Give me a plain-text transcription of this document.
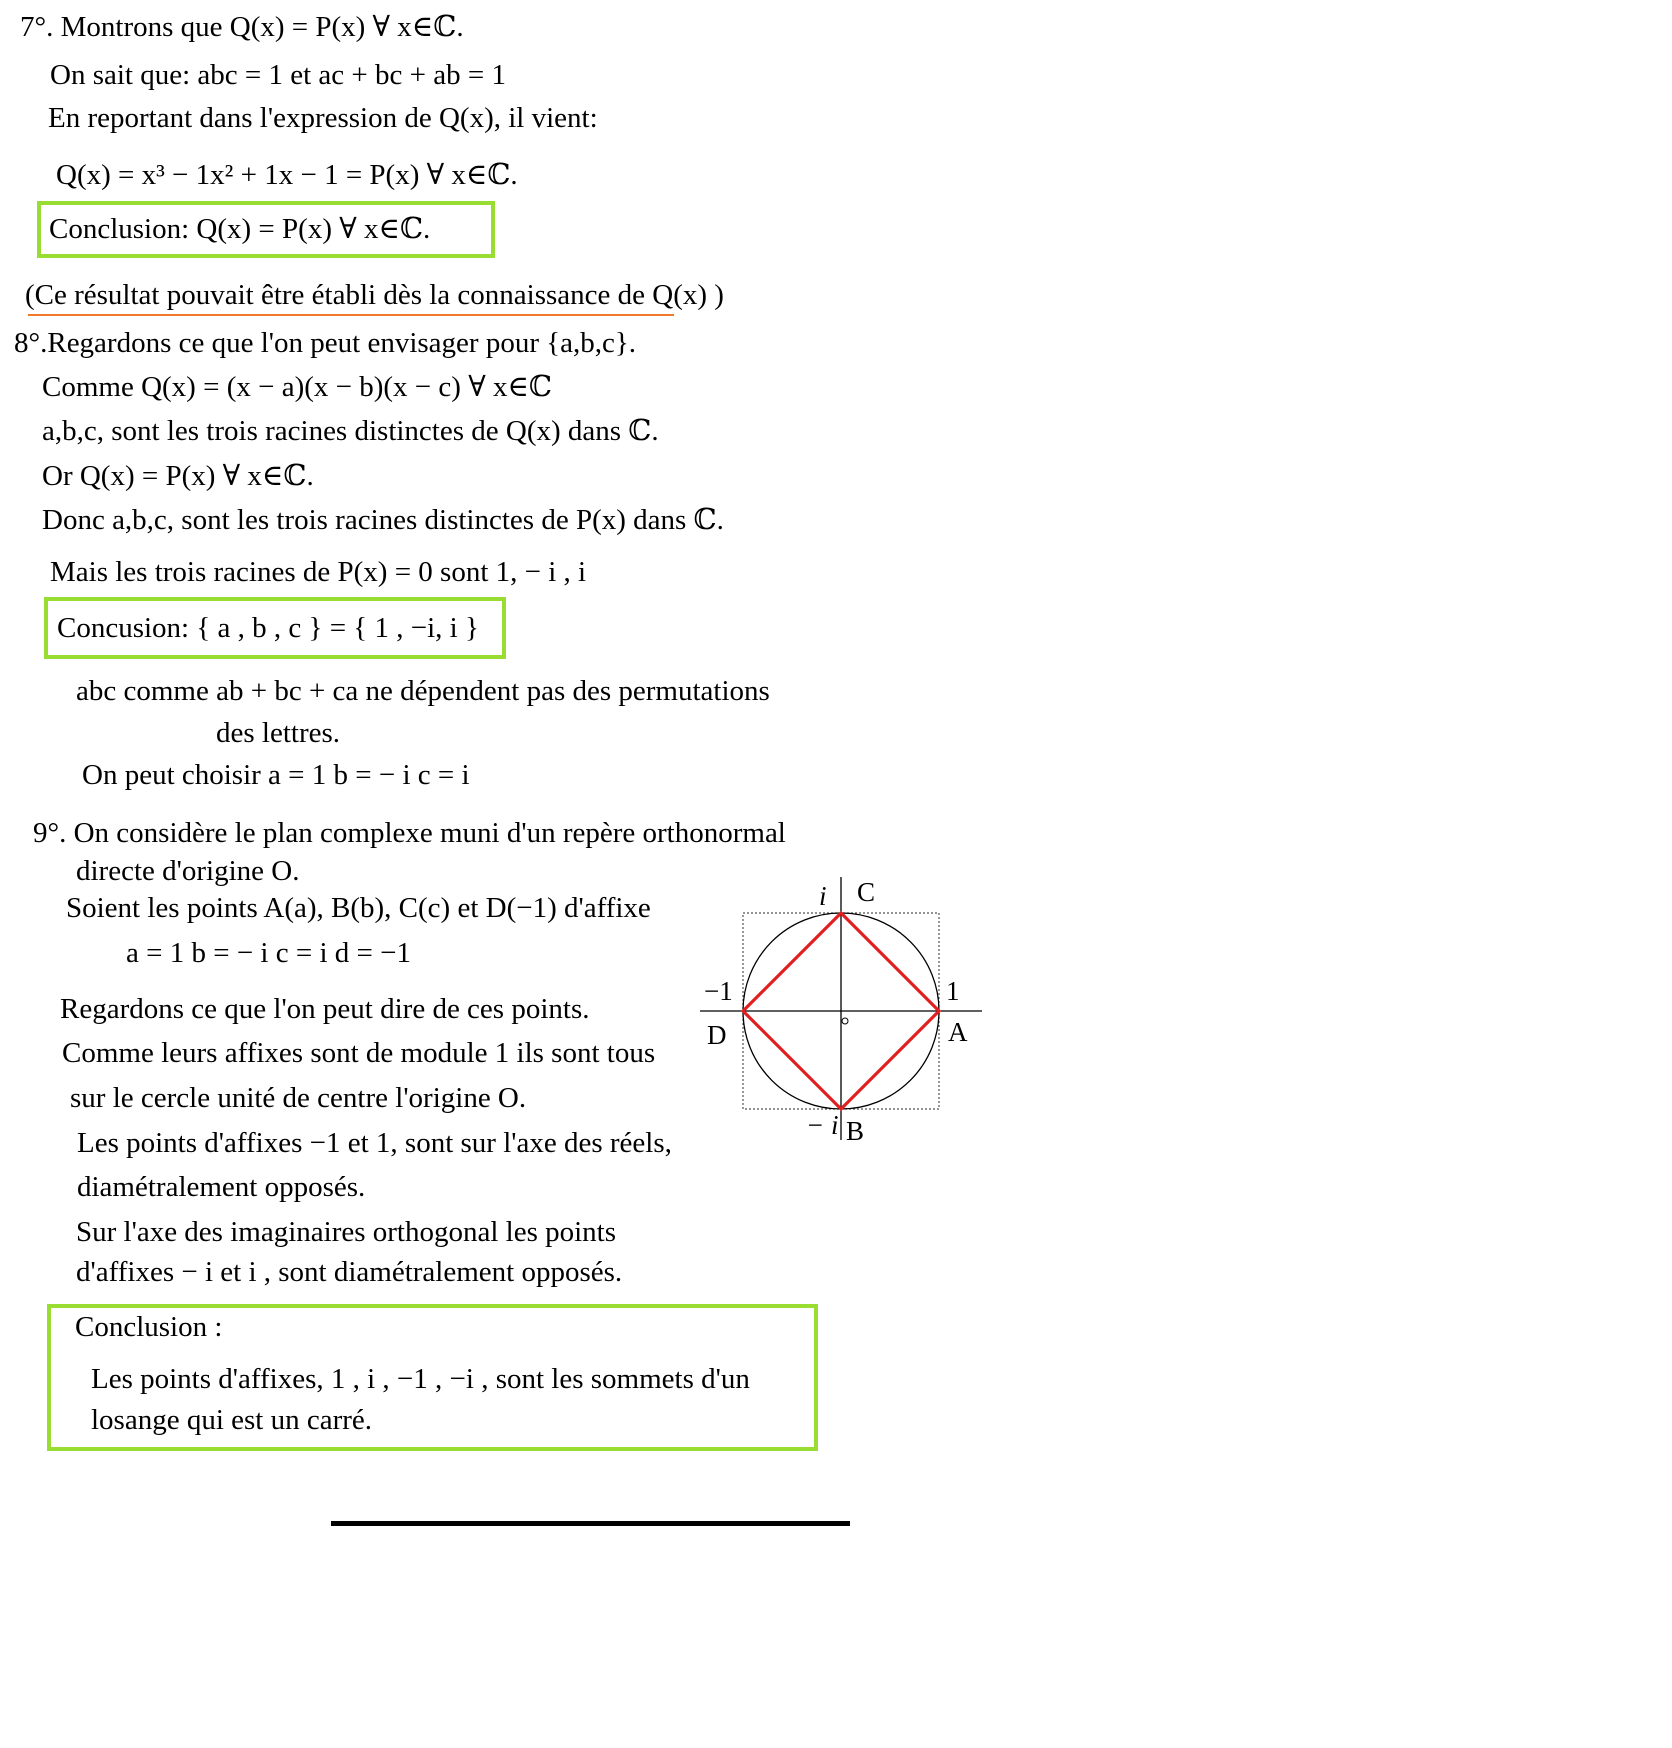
7°. Montrons que Q(x) = P(x) ∀ x∈ℂ.
On sait que: abc = 1 et ac + bc + ab = 1
En reportant dans l'expression de Q(x), il vient:
Q(x) = x³ − 1x² + 1x − 1 = P(x) ∀ x∈ℂ.
Conclusion: Q(x) = P(x) ∀ x∈ℂ.
(Ce résultat pouvait être établi dès la connaissance de Q(x) )
8°.Regardons ce que l'on peut envisager pour {a,b,c}.
Comme Q(x) = (x − a)(x − b)(x − c) ∀ x∈ℂ
a,b,c, sont les trois racines distinctes de Q(x) dans ℂ.
Or Q(x) = P(x) ∀ x∈ℂ.
Donc a,b,c, sont les trois racines distinctes de P(x) dans ℂ.
Mais les trois racines de P(x) = 0 sont 1, − i , i
Concusion: { a , b , c } = { 1 , −i, i }
abc comme ab + bc + ca ne dépendent pas des permutations
des lettres.
On peut choisir a = 1 b = − i c = i
9°. On considère le plan complexe muni d'un repère orthonormal
directe d'origine O.
Soient les points A(a), B(b), C(c) et D(−1) d'affixe
a = 1 b = − i c = i d = −1
Regardons ce que l'on peut dire de ces points.
Comme leurs affixes sont de module 1 ils sont tous
sur le cercle unité de centre l'origine O.
Les points d'affixes −1 et 1, sont sur l'axe des réels,
diamétralement opposés.
Sur l'axe des imaginaires orthogonal les points
d'affixes − i et i , sont diamétralement opposés.
Conclusion :
Les points d'affixes, 1 , i , −1 , −i , sont les sommets d'un
losange qui est un carré.
i C
−1
D
1
A
− i B
